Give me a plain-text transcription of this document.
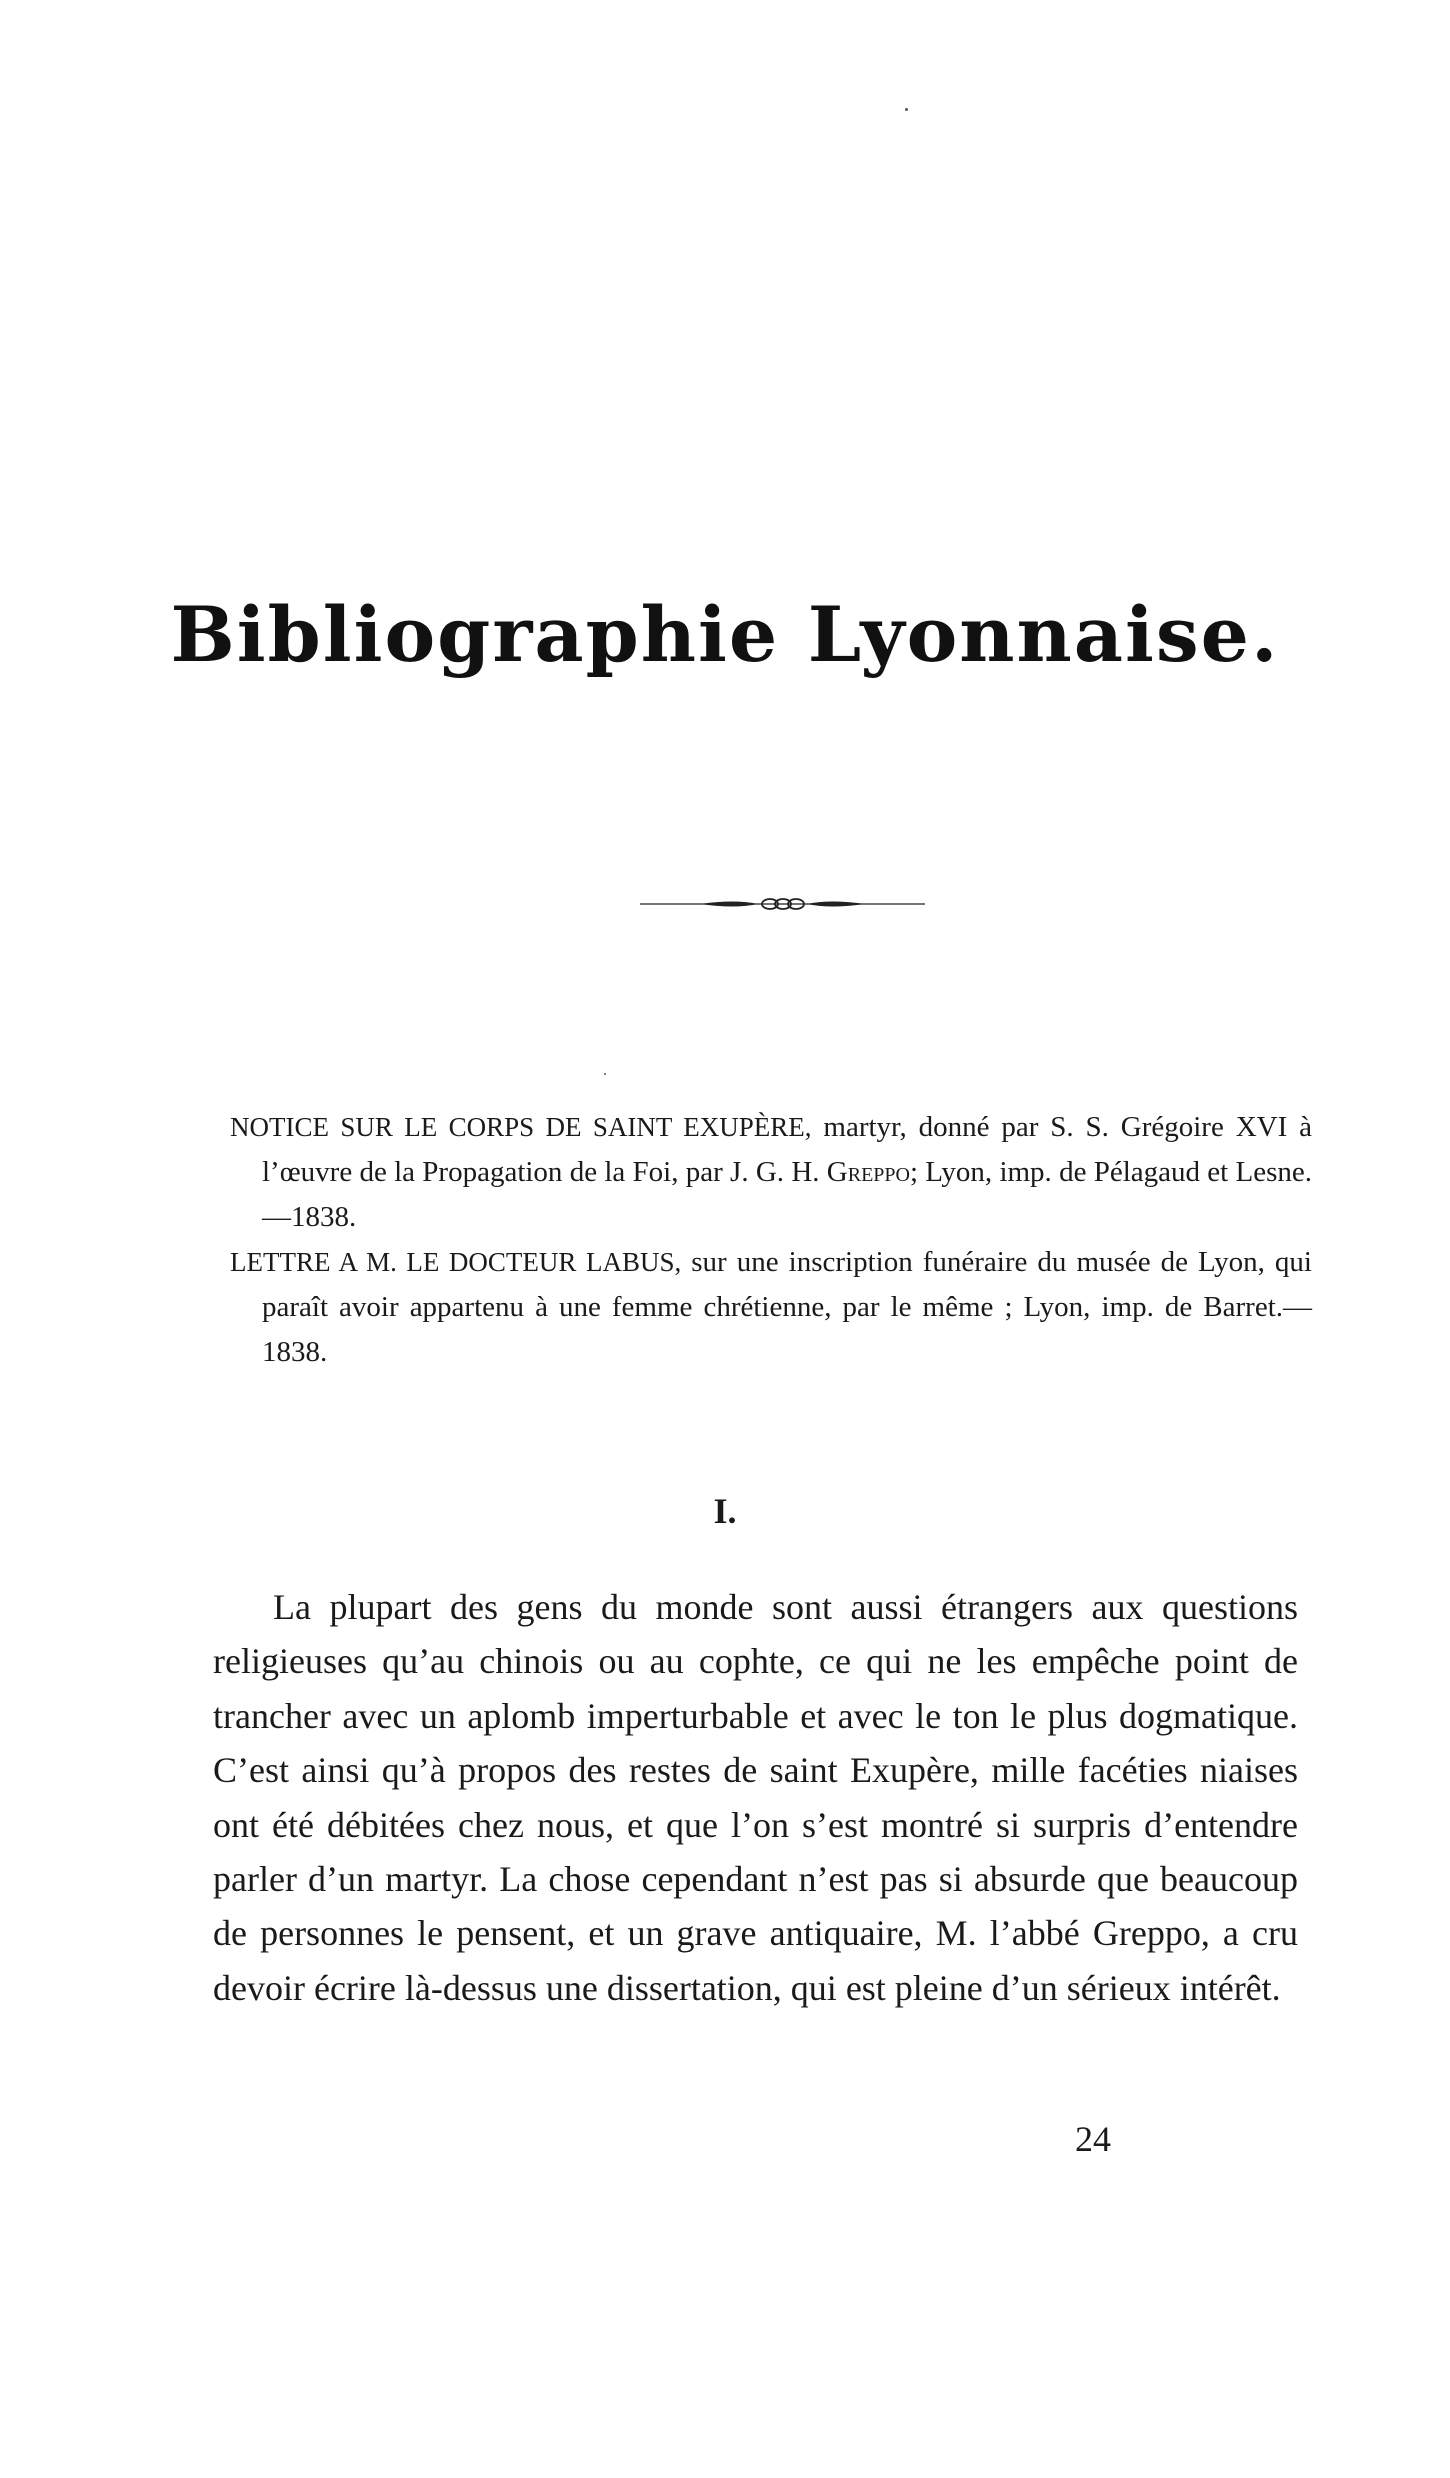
Bibliographie Lyonnaise.

NOTICE SUR LE CORPS DE SAINT EXUPÈRE, martyr, donné par S. S. Grégoire XVI à l’œuvre de la Propagation de la Foi, par J. G. H. Greppo; Lyon, imp. de Pélagaud et Lesne.—1838.

LETTRE A M. LE DOCTEUR LABUS, sur une inscription funéraire du musée de Lyon, qui paraît avoir appartenu à une femme chrétienne, par le même ; Lyon, imp. de Barret.—1838.

I.

La plupart des gens du monde sont aussi étrangers aux questions religieuses qu’au chinois ou au cophte, ce qui ne les empêche point de trancher avec un aplomb imperturbable et avec le ton le plus dogmatique. C’est ainsi qu’à propos des restes de saint Exupère, mille facéties niaises ont été débitées chez nous, et que l’on s’est montré si surpris d’entendre parler d’un martyr. La chose cependant n’est pas si absurde que beaucoup de personnes le pensent, et un grave antiquaire, M. l’abbé Greppo, a cru devoir écrire là-dessus une dissertation, qui est pleine d’un sérieux intérêt.

24
